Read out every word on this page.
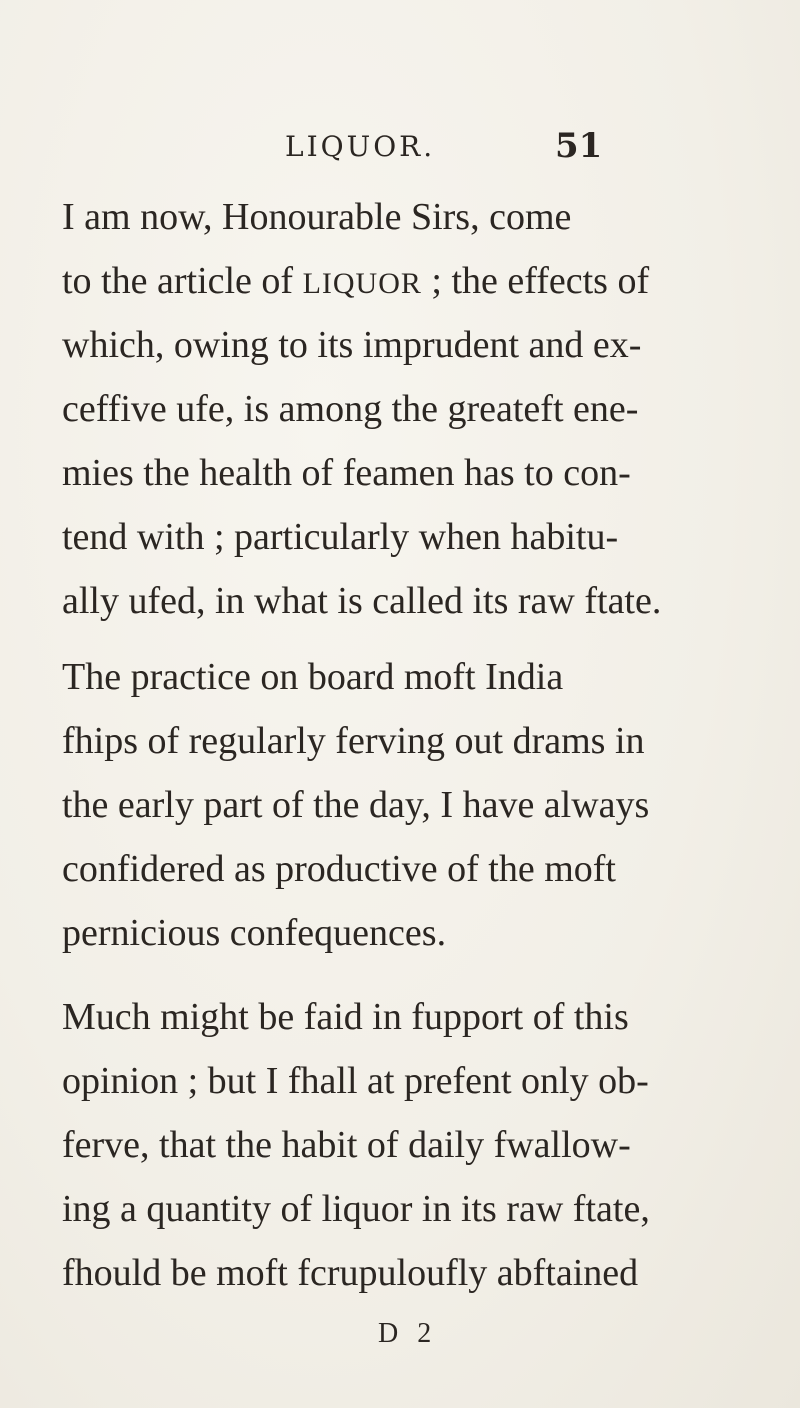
LIQUOR.	51
I am now, Honourable Sirs, come
to the article of LIQUOR ; the effects of
which, owing to its imprudent and ex-
ceffive ufe, is among the greateft ene-
mies the health of feamen has to con-
tend with ; particularly when habitu-
ally ufed, in what is called its raw ftate.
The practice on board moft India
fhips of regularly ferving out drams in
the early part of the day, I have always
confidered as productive of the moft
pernicious confequences.
Much might be faid in fupport of this
opinion ; but I fhall at prefent only ob-
ferve, that the habit of daily fwallow-
ing a quantity of liquor in its raw ftate,
fhould be moft fcrupuloufly abftained
D 2
